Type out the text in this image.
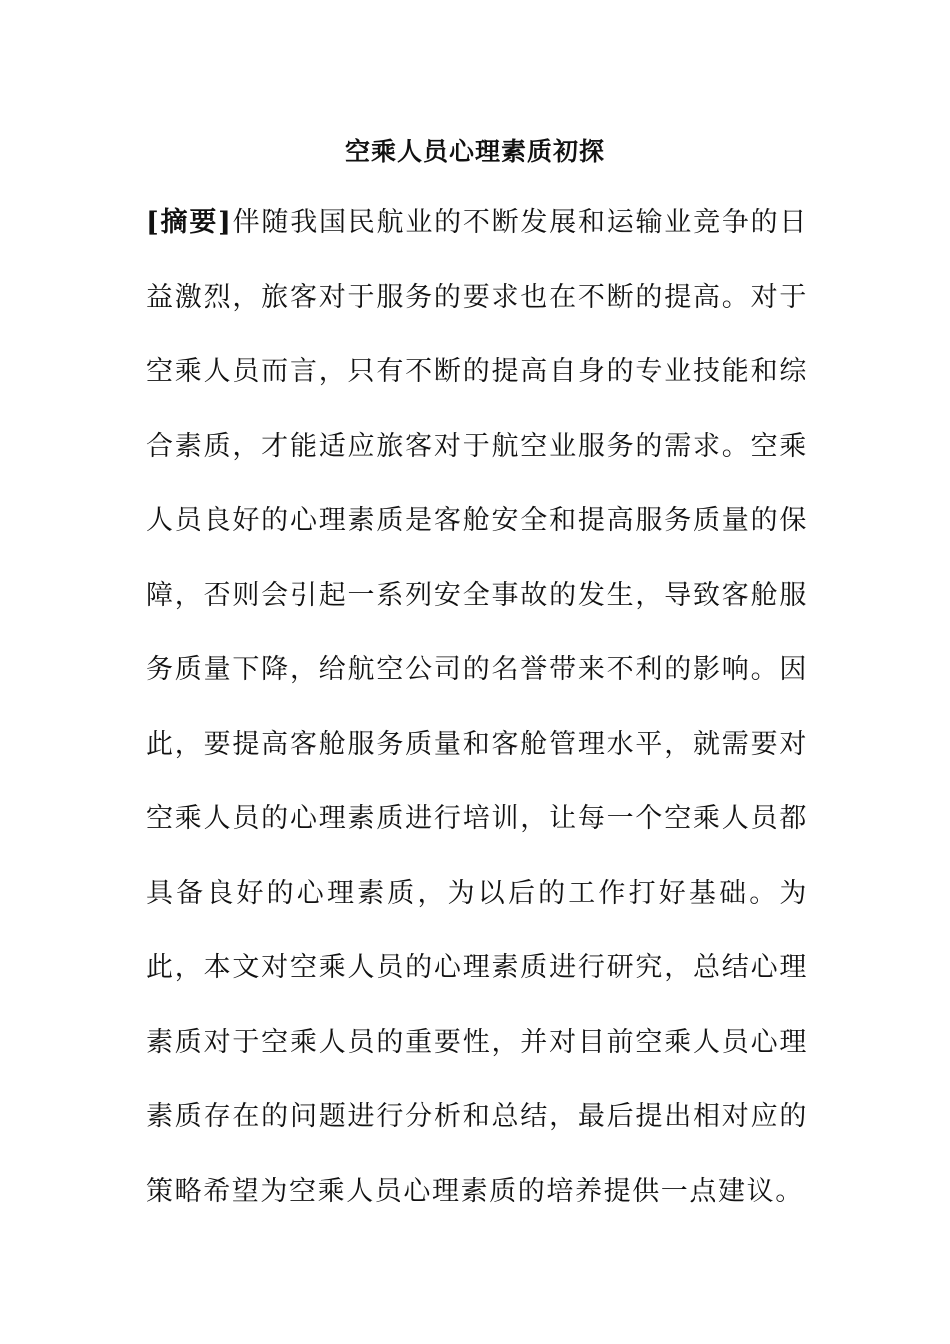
空乘人员心理素质初探

[摘要]伴随我国民航业的不断发展和运输业竞争的日益激烈，旅客对于服务的要求也在不断的提高。对于空乘人员而言，只有不断的提高自身的专业技能和综合素质，才能适应旅客对于航空业服务的需求。空乘人员良好的心理素质是客舱安全和提高服务质量的保障，否则会引起一系列安全事故的发生，导致客舱服务质量下降，给航空公司的名誉带来不利的影响。因此，要提高客舱服务质量和客舱管理水平，就需要对空乘人员的心理素质进行培训，让每一个空乘人员都具备良好的心理素质，为以后的工作打好基础。为此，本文对空乘人员的心理素质进行研究，总结心理素质对于空乘人员的重要性，并对目前空乘人员心理素质存在的问题进行分析和总结，最后提出相对应的策略希望为空乘人员心理素质的培养提供一点建议。
